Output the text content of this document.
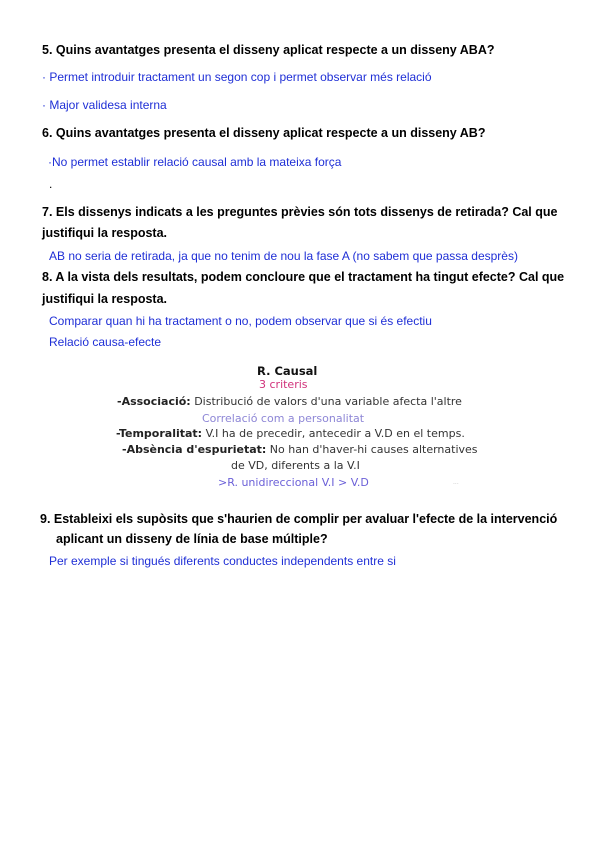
5. Quins avantatges presenta el disseny aplicat respecte a un disseny ABA?
· Permet introduir tractament un segon cop i permet observar més relació
· Major validesa interna
6. Quins avantatges presenta el disseny aplicat respecte a un disseny AB?
·No permet establir relació causal amb la mateixa força
.
7. Els dissenys indicats a les preguntes prèvies són tots dissenys de retirada? Cal que
justifiqui la resposta.
AB no seria de retirada, ja que no tenim de nou la fase A (no sabem que passa desprès)
8. A la vista dels resultats, podem concloure que el tractament ha tingut efecte? Cal que
justifiqui la resposta.
Comparar quan hi ha tractament o no, podem observar que si és efectiu
Relació causa-efecte
R. Causal
3 criteris
-Associació: Distribució de valors d'una variable afecta l'altre
Correlació com a personalitat
-Temporalitat: V.I ha de precedir, antecedir a V.D en el temps.
-Absència d'espurietat: No han d'haver-hi causes alternatives
de VD, diferents a la V.I
>R. unidireccional V.I > V.D	...
9. Estableixi els supòsits que s'haurien de complir per avaluar l'efecte de la intervenció
aplicant un disseny de línia de base múltiple?
Per exemple si tingués diferents conductes independents entre si
